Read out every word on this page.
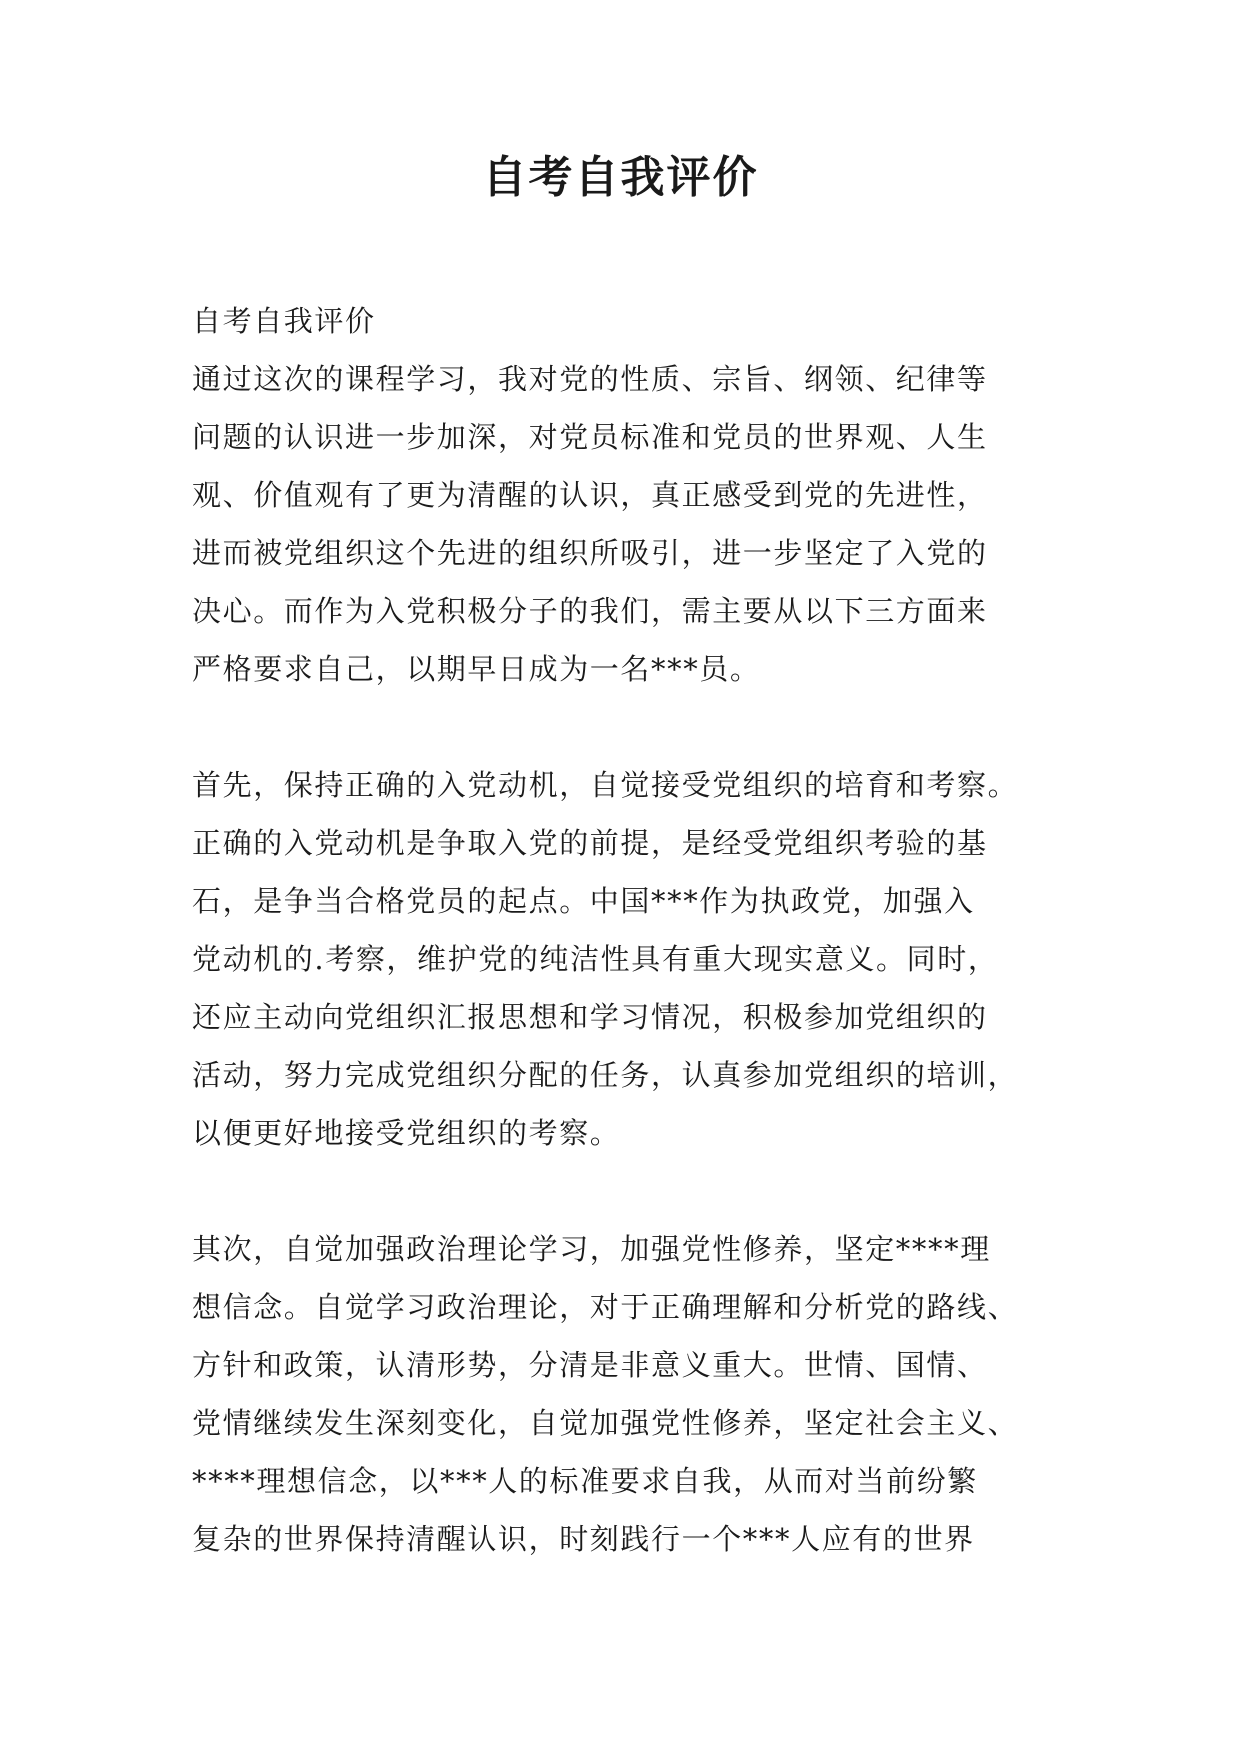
自考自我评价
自考自我评价
通过这次的课程学习，我对党的性质、宗旨、纲领、纪律等
问题的认识进一步加深，对党员标准和党员的世界观、人生
观、价值观有了更为清醒的认识，真正感受到党的先进性，
进而被党组织这个先进的组织所吸引，进一步坚定了入党的
决心。而作为入党积极分子的我们，需主要从以下三方面来
严格要求自己，以期早日成为一名***员。
首先，保持正确的入党动机，自觉接受党组织的培育和考察。
正确的入党动机是争取入党的前提，是经受党组织考验的基
石，是争当合格党员的起点。中国***作为执政党，加强入
党动机的.考察，维护党的纯洁性具有重大现实意义。同时，
还应主动向党组织汇报思想和学习情况，积极参加党组织的
活动，努力完成党组织分配的任务，认真参加党组织的培训，
以便更好地接受党组织的考察。
其次，自觉加强政治理论学习，加强党性修养，坚定****理
想信念。自觉学习政治理论，对于正确理解和分析党的路线、
方针和政策，认清形势，分清是非意义重大。世情、国情、
党情继续发生深刻变化，自觉加强党性修养，坚定社会主义、
****理想信念，以***人的标准要求自我，从而对当前纷繁
复杂的世界保持清醒认识，时刻践行一个***人应有的世界
